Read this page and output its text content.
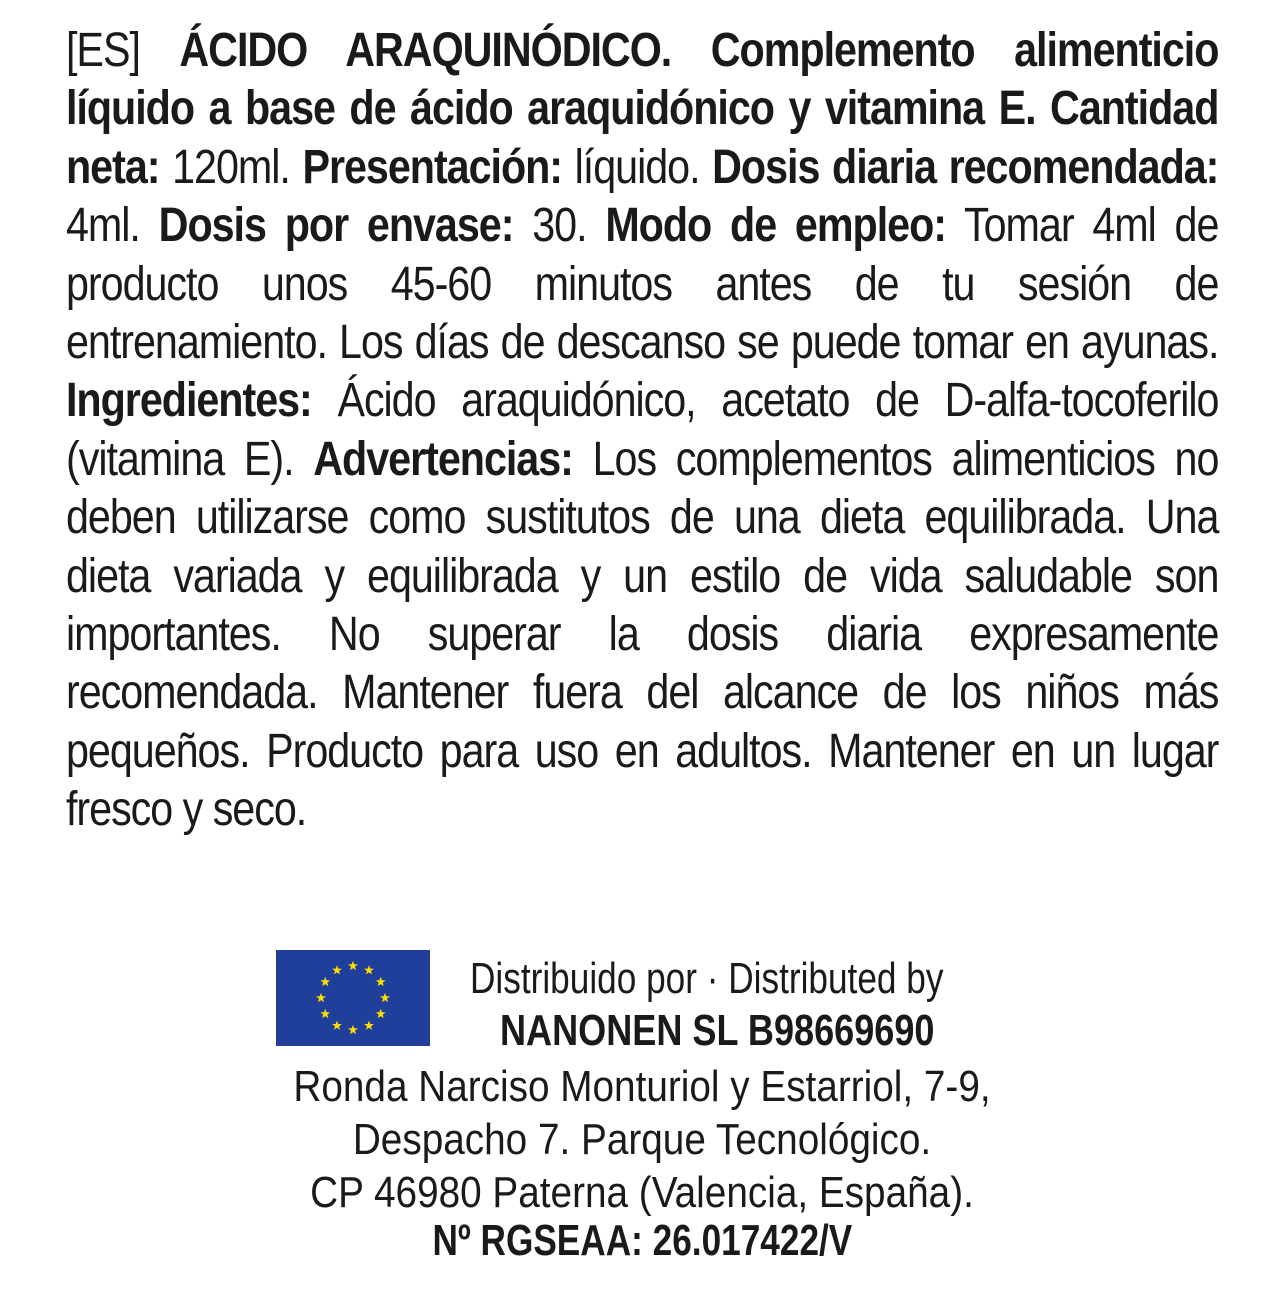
[ES] ÁCIDO ARAQUINÓDICO. Complemento alimenticio líquido a base de ácido araquidónico y vitamina E. Cantidad neta: 120ml. Presentación: líquido. Dosis diaria recomendada: 4ml. Dosis por envase: 30. Modo de empleo: Tomar 4ml de producto unos 45-60 minutos antes de tu sesión de entrenamiento. Los días de descanso se puede tomar en ayunas. Ingredientes: Ácido araquidónico, acetato de D-alfa-tocoferilo (vitamina E). Advertencias: Los complementos alimenticios no deben utilizarse como sustitutos de una dieta equilibrada. Una dieta variada y equilibrada y un estilo de vida saludable son importantes. No superar la dosis diaria expresamente recomendada. Mantener fuera del alcance de los niños más pequeños. Producto para uso en adultos. Mantener en un lugar fresco y seco.
Distribuido por · Distributed by
NANONEN SL B98669690
Ronda Narciso Monturiol y Estarriol, 7-9,
Despacho 7. Parque Tecnológico.
CP 46980 Paterna (Valencia, España).
Nº RGSEAA: 26.017422/V
